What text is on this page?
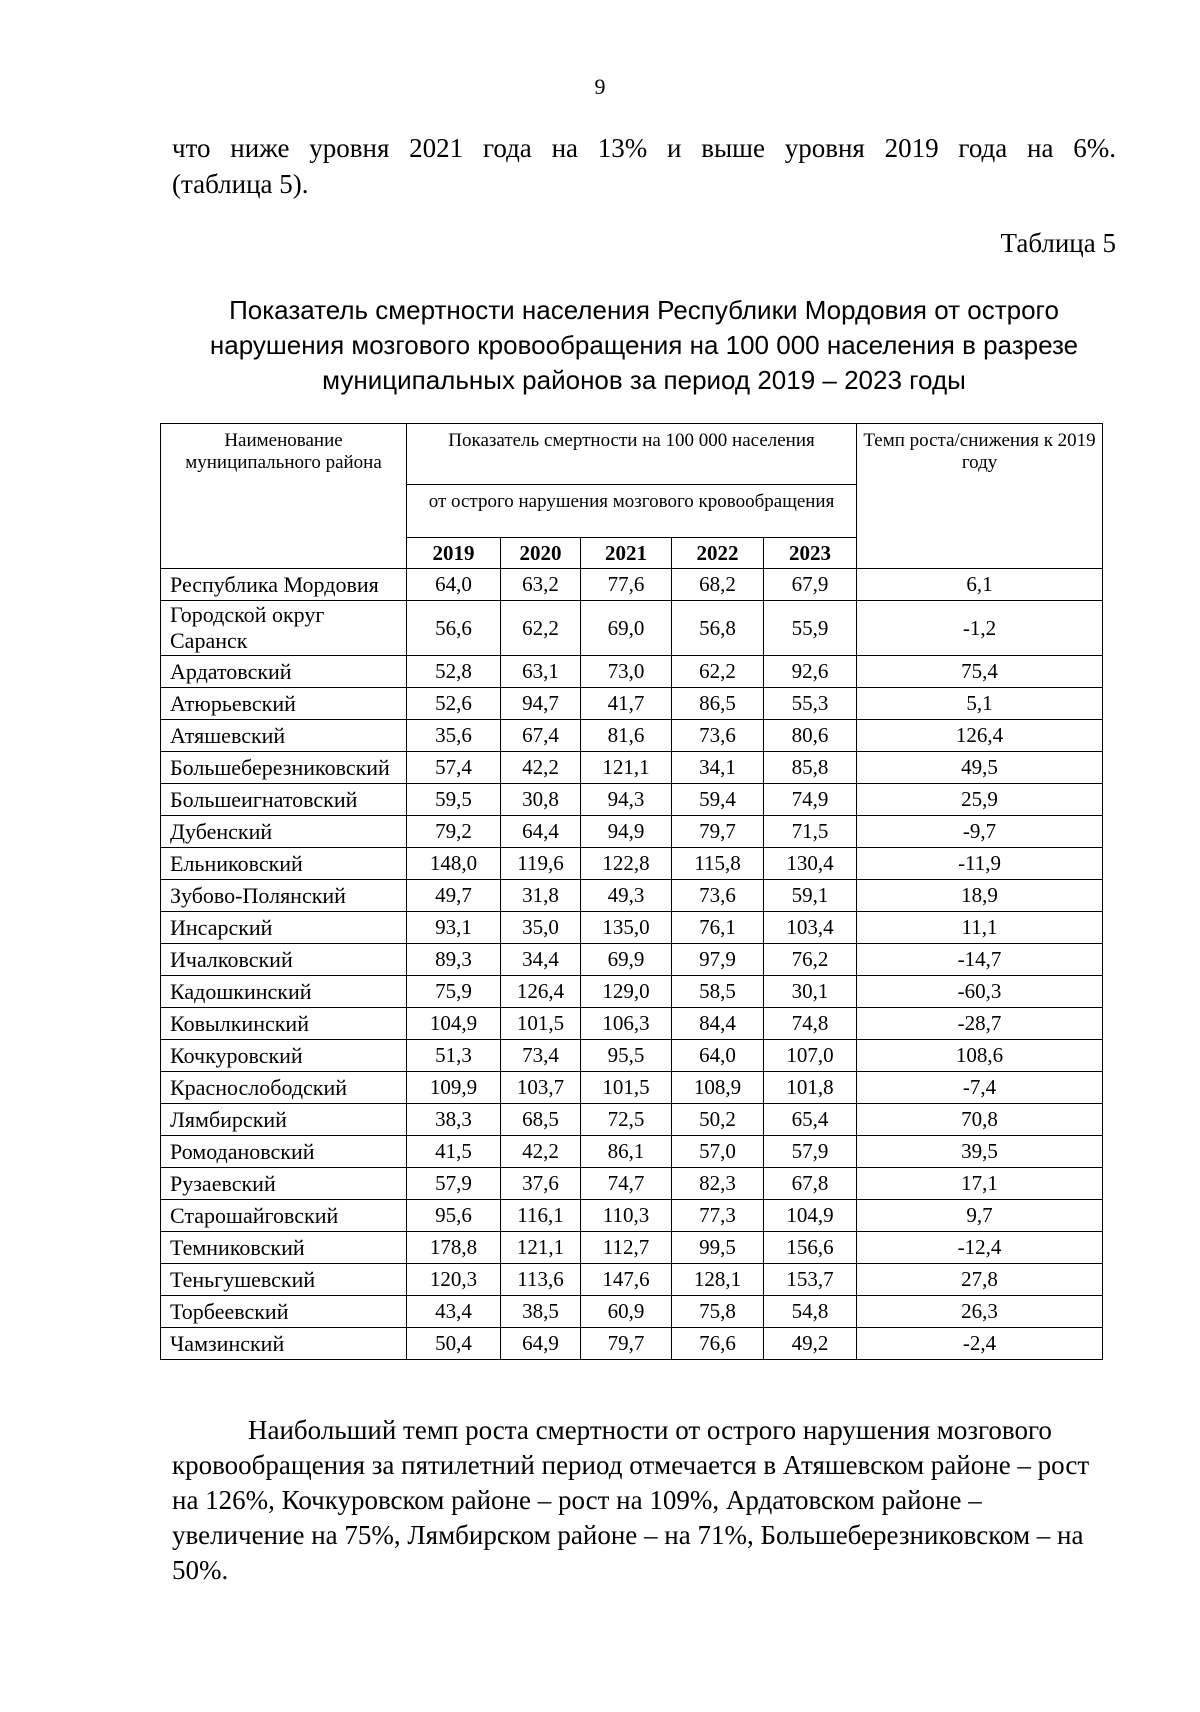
9
что ниже уровня 2021 года на 13% и выше уровня 2019 года на 6%.
(таблица 5).
Таблица 5
Показатель смертности населения Республики Мордовия от острого
нарушения мозгового кровообращения на 100 000 населения в разрезе
муниципальных районов за период 2019 – 2023 годы
Наименование муниципального района	Показатель смертности на 100 000 населения					Темп роста/снижения к 2019 году
	от острого нарушения мозгового кровообращения					
	2019	2020	2021	2022	2023	
Республика Мордовия	64,0	63,2	77,6	68,2	67,9	6,1
Городской округ Саранск	56,6	62,2	69,0	56,8	55,9	-1,2
Ардатовский	52,8	63,1	73,0	62,2	92,6	75,4
Атюрьевский	52,6	94,7	41,7	86,5	55,3	5,1
Атяшевский	35,6	67,4	81,6	73,6	80,6	126,4
Большеберезниковский	57,4	42,2	121,1	34,1	85,8	49,5
Большеигнатовский	59,5	30,8	94,3	59,4	74,9	25,9
Дубенский	79,2	64,4	94,9	79,7	71,5	-9,7
Ельниковский	148,0	119,6	122,8	115,8	130,4	-11,9
Зубово-Полянский	49,7	31,8	49,3	73,6	59,1	18,9
Инсарский	93,1	35,0	135,0	76,1	103,4	11,1
Ичалковский	89,3	34,4	69,9	97,9	76,2	-14,7
Кадошкинский	75,9	126,4	129,0	58,5	30,1	-60,3
Ковылкинский	104,9	101,5	106,3	84,4	74,8	-28,7
Кочкуровский	51,3	73,4	95,5	64,0	107,0	108,6
Краснослободский	109,9	103,7	101,5	108,9	101,8	-7,4
Лямбирский	38,3	68,5	72,5	50,2	65,4	70,8
Ромодановский	41,5	42,2	86,1	57,0	57,9	39,5
Рузаевский	57,9	37,6	74,7	82,3	67,8	17,1
Старошайговский	95,6	116,1	110,3	77,3	104,9	9,7
Темниковский	178,8	121,1	112,7	99,5	156,6	-12,4
Теньгушевский	120,3	113,6	147,6	128,1	153,7	27,8
Торбеевский	43,4	38,5	60,9	75,8	54,8	26,3
Чамзинский	50,4	64,9	79,7	76,6	49,2	-2,4
Наибольший темп роста смертности от острого нарушения мозгового кровообращения за пятилетний период отмечается в Атяшевском районе – рост на 126%, Кочкуровском районе – рост на 109%, Ардатовском районе – увеличение на 75%, Лямбирском районе – на 71%, Большеберезниковском – на 50%.
